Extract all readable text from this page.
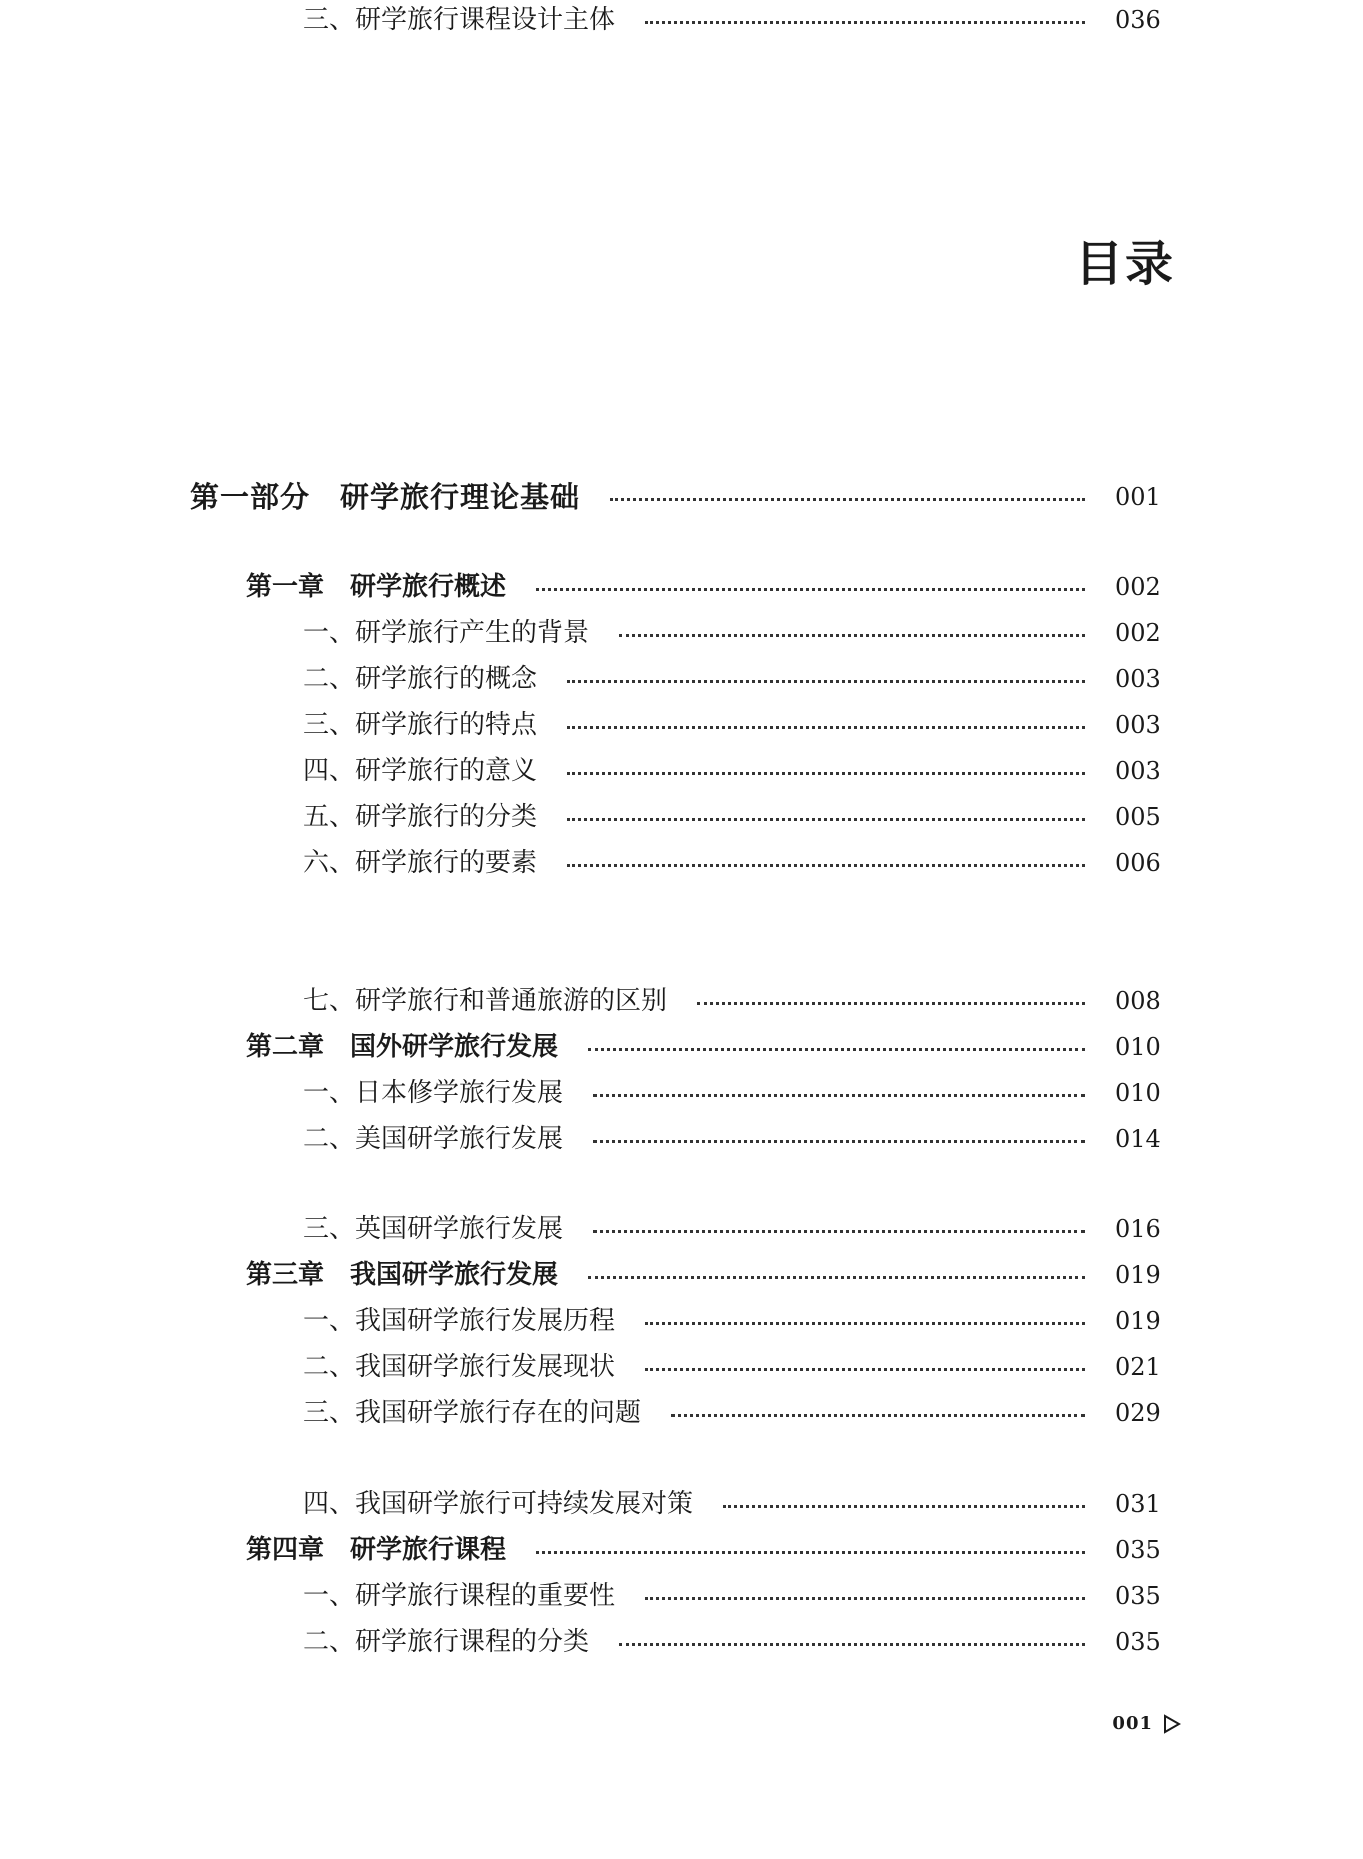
目录
第一部分　研学旅行理论基础	001
第一章　研学旅行概述	002
一、研学旅行产生的背景	002
二、研学旅行的概念	003
三、研学旅行的特点	003
四、研学旅行的意义	003
五、研学旅行的分类	005
六、研学旅行的要素	006
七、研学旅行和普通旅游的区别	008
第二章　国外研学旅行发展	010
一、日本修学旅行发展	010
二、美国研学旅行发展	014
三、英国研学旅行发展	016
第三章　我国研学旅行发展	019
一、我国研学旅行发展历程	019
二、我国研学旅行发展现状	021
三、我国研学旅行存在的问题	029
四、我国研学旅行可持续发展对策	031
第四章　研学旅行课程	035
一、研学旅行课程的重要性	035
二、研学旅行课程的分类	035
三、研学旅行课程设计主体	036
001
